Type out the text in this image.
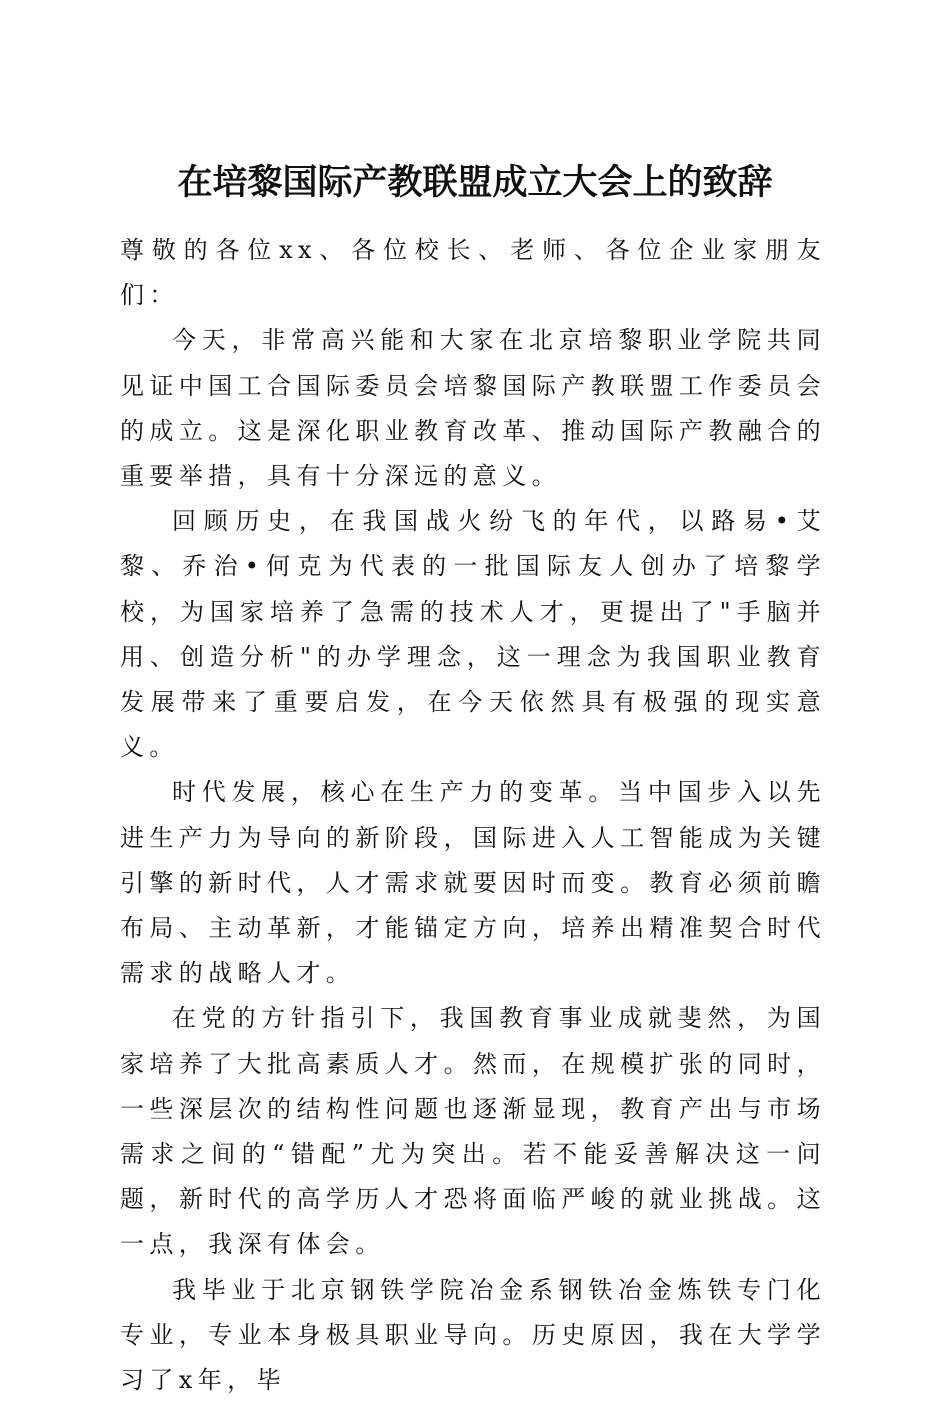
在培黎国际产教联盟成立大会上的致辞

尊敬的各位xx、各位校长、老师、各位企业家朋友们：

今天，非常高兴能和大家在北京培黎职业学院共同见证中国工合国际委员会培黎国际产教联盟工作委员会的成立。这是深化职业教育改革、推动国际产教融合的重要举措，具有十分深远的意义。

回顾历史，在我国战火纷飞的年代，以路易•艾黎、乔治•何克为代表的一批国际友人创办了培黎学校，为国家培养了急需的技术人才，更提出了"手脑并用、创造分析"的办学理念，这一理念为我国职业教育发展带来了重要启发，在今天依然具有极强的现实意义。

时代发展，核心在生产力的变革。当中国步入以先进生产力为导向的新阶段，国际进入人工智能成为关键引擎的新时代，人才需求就要因时而变。教育必须前瞻布局、主动革新，才能锚定方向，培养出精准契合时代需求的战略人才。

在党的方针指引下，我国教育事业成就斐然，为国家培养了大批高素质人才。然而，在规模扩张的同时，一些深层次的结构性问题也逐渐显现，教育产出与市场需求之间的“错配”尤为突出。若不能妥善解决这一问题，新时代的高学历人才恐将面临严峻的就业挑战。这一点，我深有体会。

我毕业于北京钢铁学院冶金系钢铁冶金炼铁专门化专业，专业本身极具职业导向。历史原因，我在大学学习了x年，毕
